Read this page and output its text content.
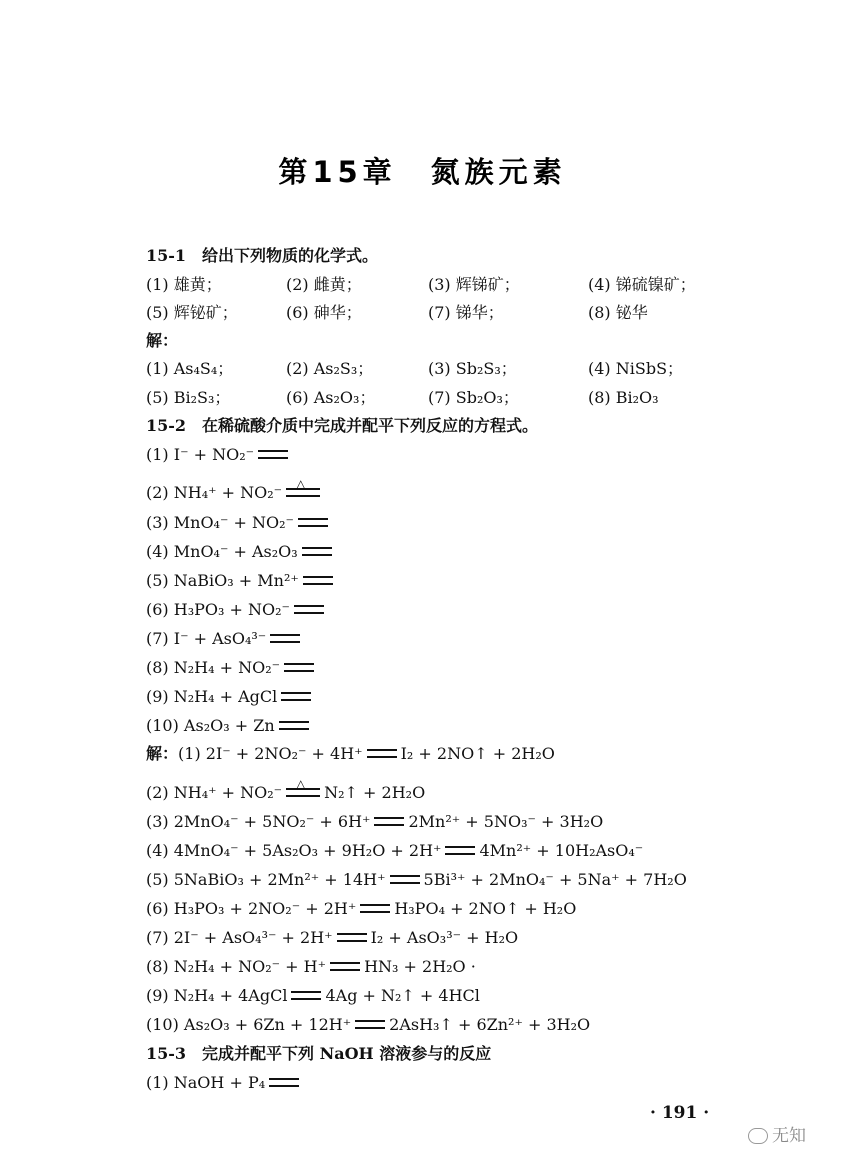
第15章　氮族元素
15-1　给出下列物质的化学式。
(1) 雄黄；	(2) 雌黄；	(3) 辉锑矿；	(4) 锑硫镍矿；
(5) 辉铋矿；	(6) 砷华；	(7) 锑华；	(8) 铋华
解：
(1) As₄S₄；	(2) As₂S₃；	(3) Sb₂S₃；	(4) NiSbS；
(5) Bi₂S₃；	(6) As₂O₃；	(7) Sb₂O₃；	(8) Bi₂O₃
15-2　在稀硫酸介质中完成并配平下列反应的方程式。
(1) I⁻ + NO₂⁻
(2) NH₄⁺ + NO₂⁻ △
(3) MnO₄⁻ + NO₂⁻
(4) MnO₄⁻ + As₂O₃
(5) NaBiO₃ + Mn²⁺
(6) H₃PO₃ + NO₂⁻
(7) I⁻ + AsO₄³⁻
(8) N₂H₄ + NO₂⁻
(9) N₂H₄ + AgCl
(10) As₂O₃ + Zn
解：(1) 2I⁻ + 2NO₂⁻ + 4H⁺ I₂ + 2NO↑ + 2H₂O
(2) NH₄⁺ + NO₂⁻ △ N₂↑ + 2H₂O
(3) 2MnO₄⁻ + 5NO₂⁻ + 6H⁺ 2Mn²⁺ + 5NO₃⁻ + 3H₂O
(4) 4MnO₄⁻ + 5As₂O₃ + 9H₂O + 2H⁺ 4Mn²⁺ + 10H₂AsO₄⁻
(5) 5NaBiO₃ + 2Mn²⁺ + 14H⁺ 5Bi³⁺ + 2MnO₄⁻ + 5Na⁺ + 7H₂O
(6) H₃PO₃ + 2NO₂⁻ + 2H⁺ H₃PO₄ + 2NO↑ + H₂O
(7) 2I⁻ + AsO₄³⁻ + 2H⁺ I₂ + AsO₃³⁻ + H₂O
(8) N₂H₄ + NO₂⁻ + H⁺ HN₃ + 2H₂O ·
(9) N₂H₄ + 4AgCl 4Ag + N₂↑ + 4HCl
(10) As₂O₃ + 6Zn + 12H⁺ 2AsH₃↑ + 6Zn²⁺ + 3H₂O
15-3　完成并配平下列 NaOH 溶液参与的反应
(1) NaOH + P₄
· 191 ·
无知
